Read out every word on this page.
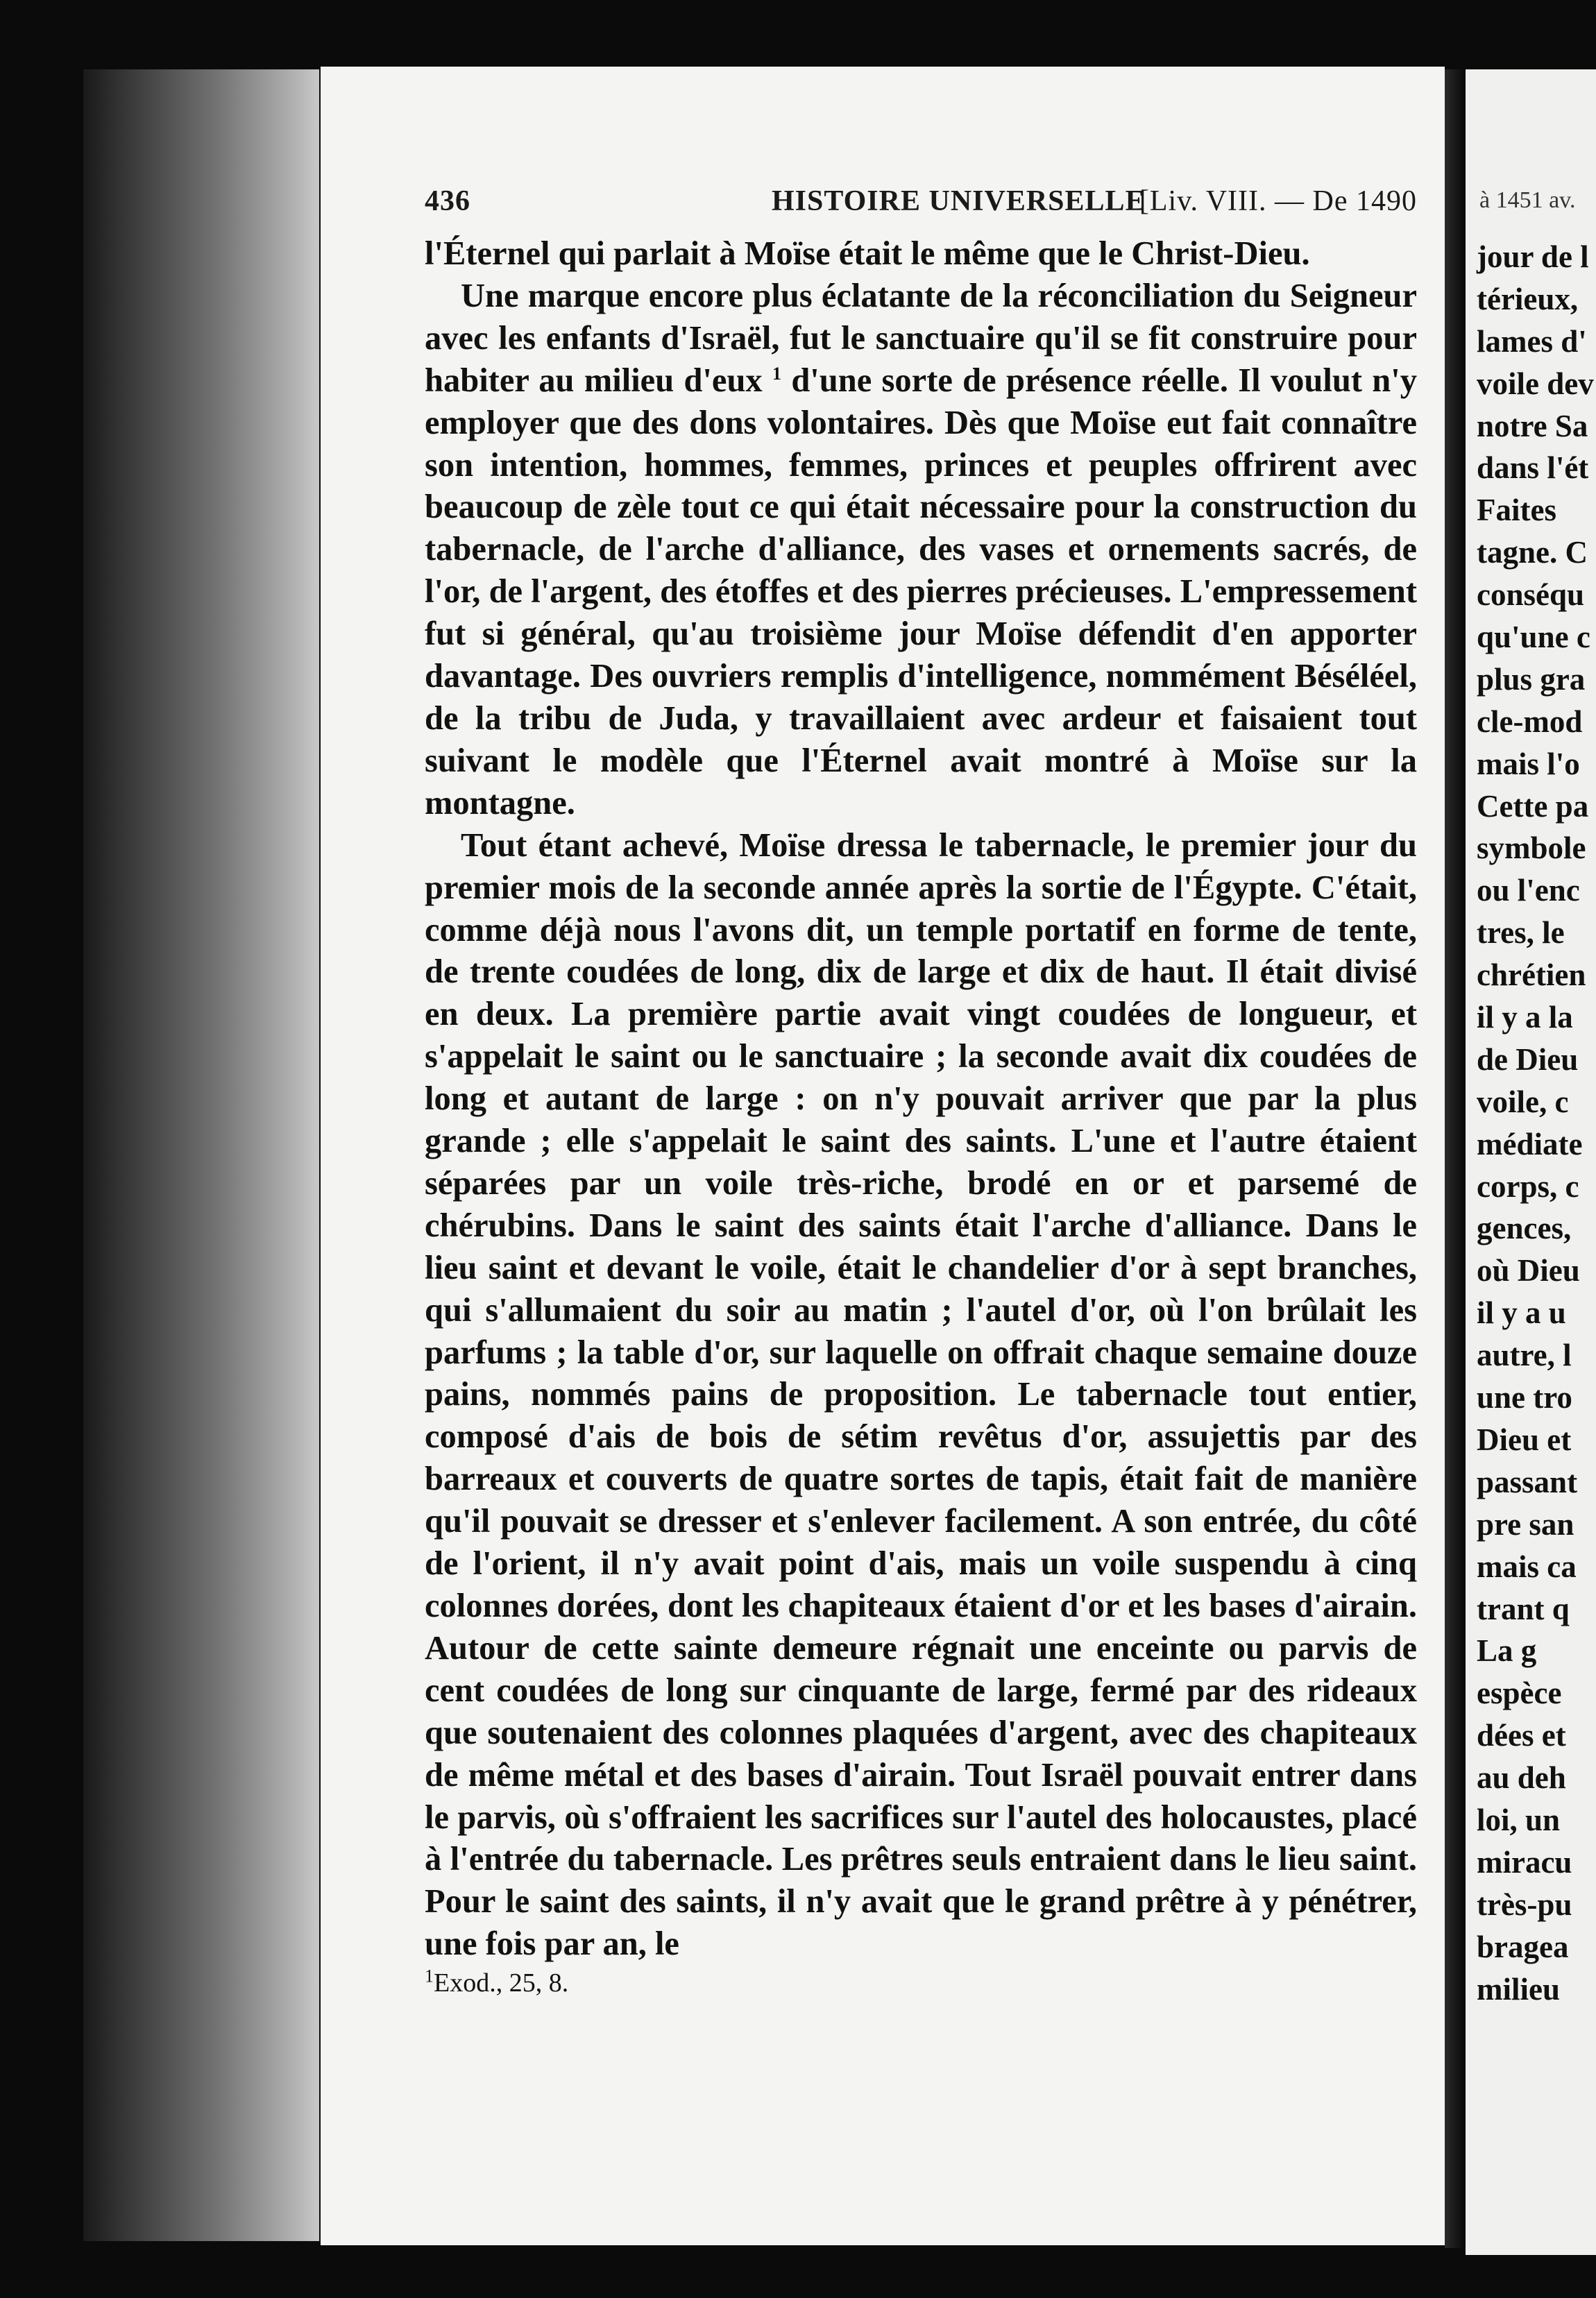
436	HISTOIRE UNIVERSELLE
[Liv. VIII. — De 1490

l'Éternel qui parlait à Moïse était le même que le Christ-Dieu.

Une marque encore plus éclatante de la réconciliation du Seigneur avec les enfants d'Israël, fut le sanctuaire qu'il se fit construire pour habiter au milieu d'eux $^1$ d'une sorte de présence réelle. Il voulut n'y employer que des dons volontaires. Dès que Moïse eut fait connaître son intention, hommes, femmes, princes et peuples offrirent avec beaucoup de zèle tout ce qui était nécessaire pour la construction du tabernacle, de l'arche d'alliance, des vases et ornements sacrés, de l'or, de l'argent, des étoffes et des pierres précieuses. L'empressement fut si général, qu'au troisième jour Moïse défendit d'en apporter davantage. Des ouvriers remplis d'intelligence, nommément Béséléel, de la tribu de Juda, y travaillaient avec ardeur et faisaient tout suivant le modèle que l'Éternel avait montré à Moïse sur la montagne.

Tout étant achevé, Moïse dressa le tabernacle, le premier jour du premier mois de la seconde année après la sortie de l'Égypte. C'était, comme déjà nous l'avons dit, un temple portatif en forme de tente, de trente coudées de long, dix de large et dix de haut. Il était divisé en deux. La première partie avait vingt coudées de longueur, et s'appelait le saint ou le sanctuaire ; la seconde avait dix coudées de long et autant de large : on n'y pouvait arriver que par la plus grande ; elle s'appelait le saint des saints. L'une et l'autre étaient séparées par un voile très-riche, brodé en or et parsemé de chérubins. Dans le saint des saints était l'arche d'alliance. Dans le lieu saint et devant le voile, était le chandelier d'or à sept branches, qui s'allumaient du soir au matin ; l'autel d'or, où l'on brûlait les parfums ; la table d'or, sur laquelle on offrait chaque semaine douze pains, nommés pains de proposition. Le tabernacle tout entier, composé d'ais de bois de sétim revêtus d'or, assujettis par des barreaux et couverts de quatre sortes de tapis, était fait de manière qu'il pouvait se dresser et s'enlever facilement. A son entrée, du côté de l'orient, il n'y avait point d'ais, mais un voile suspendu à cinq colonnes dorées, dont les chapiteaux étaient d'or et les bases d'airain. Autour de cette sainte demeure régnait une enceinte ou parvis de cent coudées de long sur cinquante de large, fermé par des rideaux que soutenaient des colonnes plaquées d'argent, avec des chapiteaux de même métal et des bases d'airain. Tout Israël pouvait entrer dans le parvis, où s'offraient les sacrifices sur l'autel des holocaustes, placé à l'entrée du tabernacle. Les prêtres seuls entraient dans le lieu saint. Pour le saint des saints, il n'y avait que le grand prêtre à y pénétrer, une fois par an, le

$^1$Exod., 25, 8.
à 1451 av.
jour de l
térieux,
lames d'
voile dev
notre Sa
dans l'ét
Faites
tagne. C
conséqu
qu'une c
plus gra
cle-mod
mais l'o
Cette pa
symbole
ou l'enc
tres, le
chrétien
il y a la
de Dieu
voile, c
médiate
corps, c
gences,
où Dieu
il y a u
autre, l
une tro
Dieu et
passant
pre san
mais ca
trant q
La g
espèce
dées et
au deh
loi, un
miracu
très-pu
bragea
milieu
